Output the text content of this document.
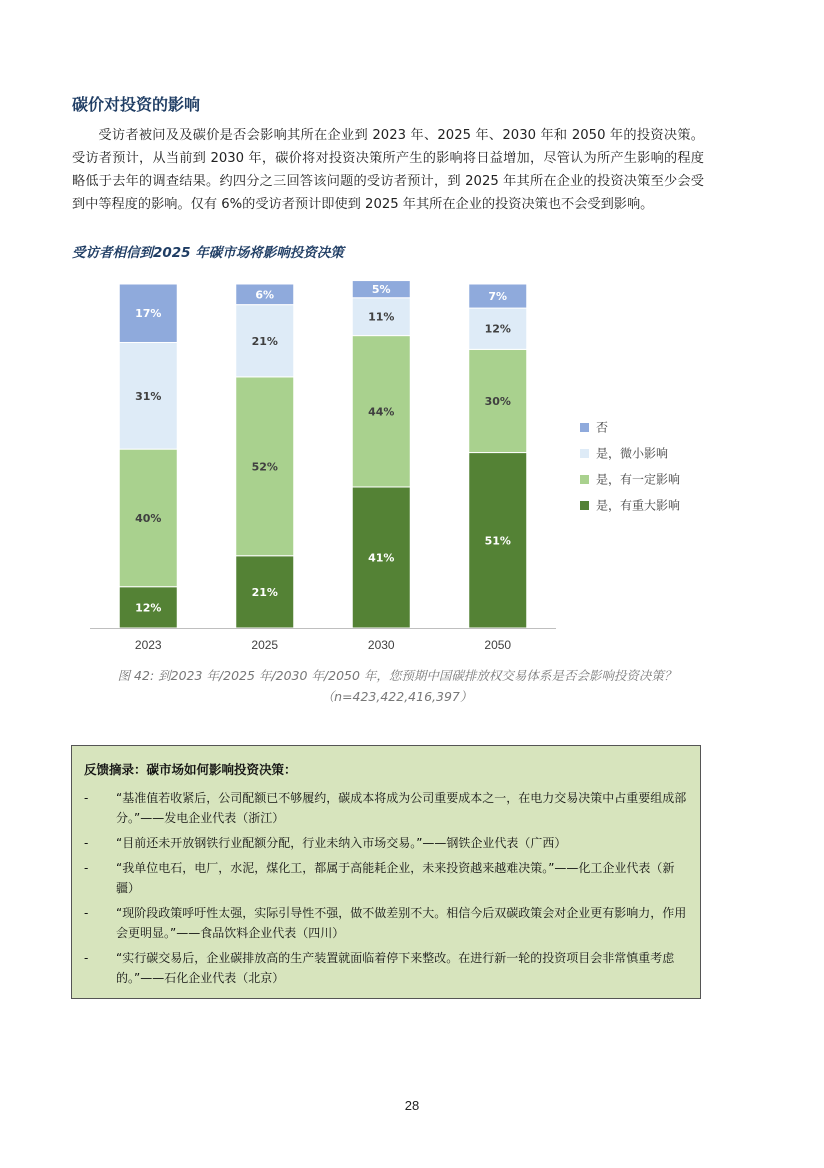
碳价对投资的影响

受访者被问及及碳价是否会影响其所在企业到 2023 年、2025 年、2030 年和 2050 年的投资决策。受访者预计，从当前到 2030 年，碳价将对投资决策所产生的影响将日益增加，尽管认为所产生影响的程度略低于去年的调查结果。约四分之三回答该问题的受访者预计，到 2025 年其所在企业的投资决策至少会受到中等程度的影响。仅有 6%的受访者预计即使到 2025 年其所在企业的投资决策也不会受到影响。

受访者相信到2025 年碳市场将影响投资决策
12%
40%
31%
17%
2023
21%
52%
21%
6%
2025
41%
44%
11%
5%
2030
51%
30%
12%
7%
2050
否
是，微小影响
是，有一定影响
是，有重大影响
图 42: 到2023 年/2025 年/2030 年/2050 年，您预期中国碳排放权交易体系是否会影响投资决策？
（n=423,422,416,397）
反馈摘录：碳市场如何影响投资决策：
- “基准值若收紧后，公司配额已不够履约，碳成本将成为公司重要成本之一，在电力交易决策中占重要组成部分。”——发电企业代表（浙江）
- “目前还未开放钢铁行业配额分配，行业未纳入市场交易。”——钢铁企业代表（广西）
- “我单位电石，电厂，水泥，煤化工，都属于高能耗企业，未来投资越来越难决策。”——化工企业代表（新疆）
- “现阶段政策呼吁性太强，实际引导性不强，做不做差别不大。相信今后双碳政策会对企业更有影响力，作用会更明显。”——食品饮料企业代表（四川）
- “实行碳交易后，企业碳排放高的生产装置就面临着停下来整改。在进行新一轮的投资项目会非常慎重考虑的。”——石化企业代表（北京）
28
